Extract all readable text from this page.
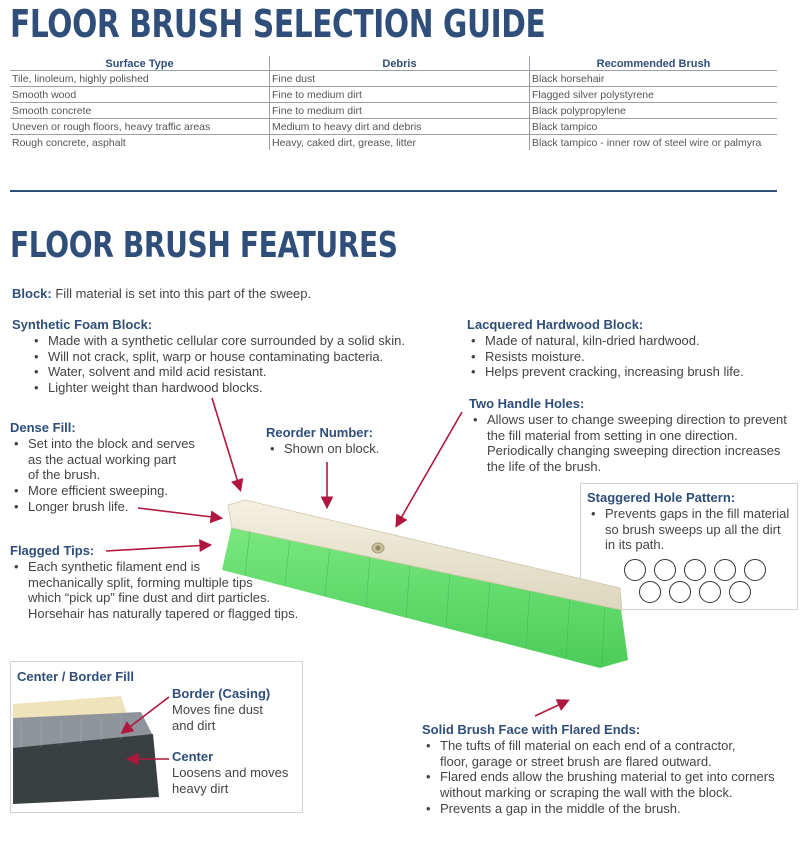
FLOOR BRUSH SELECTION GUIDE
Surface Type	Debris	Recommended Brush
Tile, linoleum, highly polished	Fine dust	Black horsehair
Smooth wood	Fine to medium dirt	Flagged silver polystyrene
Smooth concrete	Fine to medium dirt	Black polypropylene
Uneven or rough floors, heavy traffic areas	Medium to heavy dirt and debris	Black tampico
Rough concrete, asphalt	Heavy, caked dirt, grease, litter	Black tampico - inner row of steel wire or palmyra
FLOOR BRUSH FEATURES
Block: Fill material is set into this part of the sweep.
Synthetic Foam Block:
• Made with a synthetic cellular core surrounded by a solid skin.
• Will not crack, split, warp or house contaminating bacteria.
• Water, solvent and mild acid resistant.
• Lighter weight than hardwood blocks.
Lacquered Hardwood Block:
• Made of natural, kiln-dried hardwood.
• Resists moisture.
• Helps prevent cracking, increasing brush life.
Two Handle Holes:
• Allows user to change sweeping direction to prevent
the fill material from setting in one direction.
Periodically changing sweeping direction increases
the life of the brush.
Dense Fill:
• Set into the block and serves
as the actual working part
of the brush.
• More efficient sweeping.
• Longer brush life.
Reorder Number:
• Shown on block.
Staggered Hole Pattern:
• Prevents gaps in the fill material
so brush sweeps up all the dirt
in its path.
Flagged Tips:
• Each synthetic filament end is
mechanically split, forming multiple tips
which “pick up” fine dust and dirt particles.
Horsehair has naturally tapered or flagged tips.
Center / Border Fill
Border (Casing)
Moves fine dust
and dirt
Center
Loosens and moves
heavy dirt
Solid Brush Face with Flared Ends:
• The tufts of fill material on each end of a contractor,
floor, garage or street brush are flared outward.
• Flared ends allow the brushing material to get into corners
without marking or scraping the wall with the block.
• Prevents a gap in the middle of the brush.
